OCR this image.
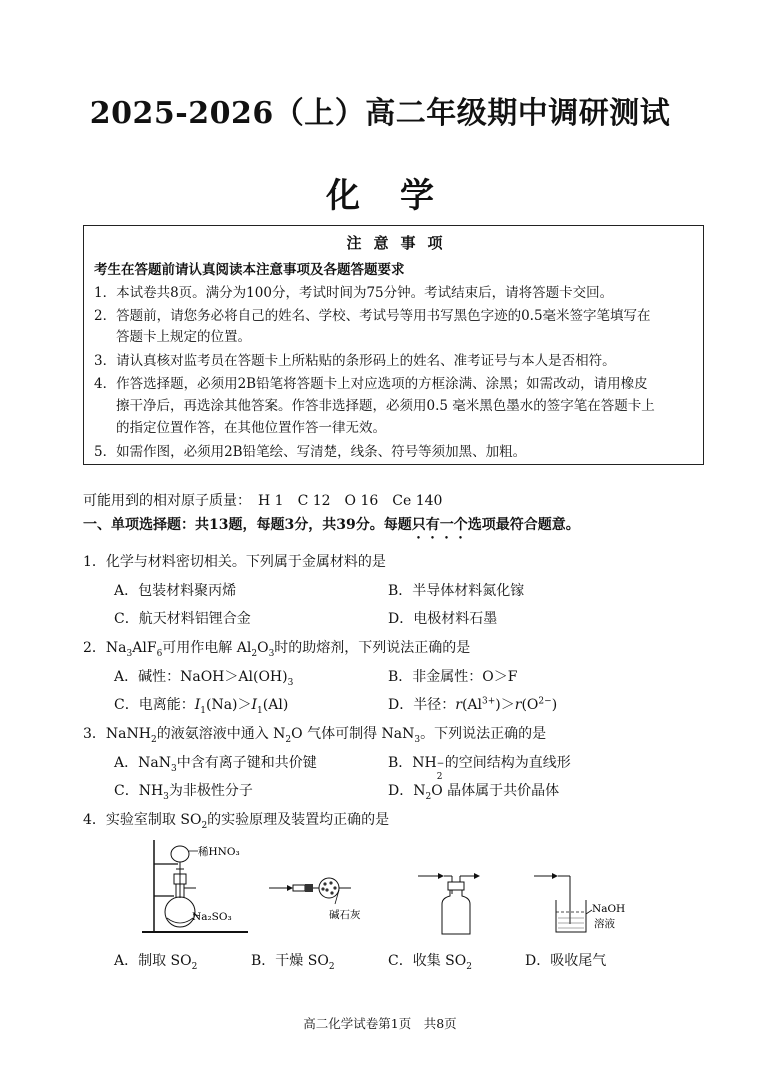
2025-2026（上）高二年级期中调研测试
化学
注意事项
考生在答题前请认真阅读本注意事项及各题答题要求
1．本试卷共8页。满分为100分，考试时间为75分钟。考试结束后，请将答题卡交回。
2．答题前，请您务必将自己的姓名、学校、考试号等用书写黑色字迹的0.5毫米签字笔填写在
答题卡上规定的位置。
3．请认真核对监考员在答题卡上所粘贴的条形码上的姓名、准考证号与本人是否相符。
4．作答选择题，必须用2B铅笔将答题卡上对应选项的方框涂满、涂黑；如需改动，请用橡皮
擦干净后，再选涂其他答案。作答非选择题，必须用0.5 毫米黑色墨水的签字笔在答题卡上
的指定位置作答，在其他位置作答一律无效。
5．如需作图，必须用2B铅笔绘、写清楚，线条、符号等须加黑、加粗。
可能用到的相对原子质量：　H 1　C 12　O 16　Ce 140
一、单项选择题：共13题，每题3分，共39分。每题只有一个选项最符合题意。
1．化学与材料密切相关。下列属于金属材料的是
A．包装材料聚丙烯	B．半导体材料氮化镓
C．航天材料铝锂合金	D．电极材料石墨
2．$Na_3AlF_6$可用作电解 $Al_2O_3$时的助熔剂，下列说法正确的是
A．碱性：$NaOH>Al(OH)_3$	B．非金属性：O＞F
C．电离能：$I_1(Na)>I_1(Al)$	D．半径：$r(Al^{3+})>r(O^{2-})$
3．NaNH$_2$的液氨溶液中通入 $N_2O$ 气体可制得 NaN$_3$。下列说法正确的是
A．NaN$_3$中含有离子键和共价键	B．NH −
2
的空间结构为直线形
C．$NH_3$为非极性分子	D．$N_2O$ 晶体属于共价晶体
4．实验室制取 $SO_2$的实验原理及装置均正确的是
稀HNO₃
Na₂SO₃	碱石灰	NaOH
溶液
A．制取 $SO_2$	B．干燥 $SO_2$	C．收集 $SO_2$	D．吸收尾气
高二化学试卷第1页　共8页
